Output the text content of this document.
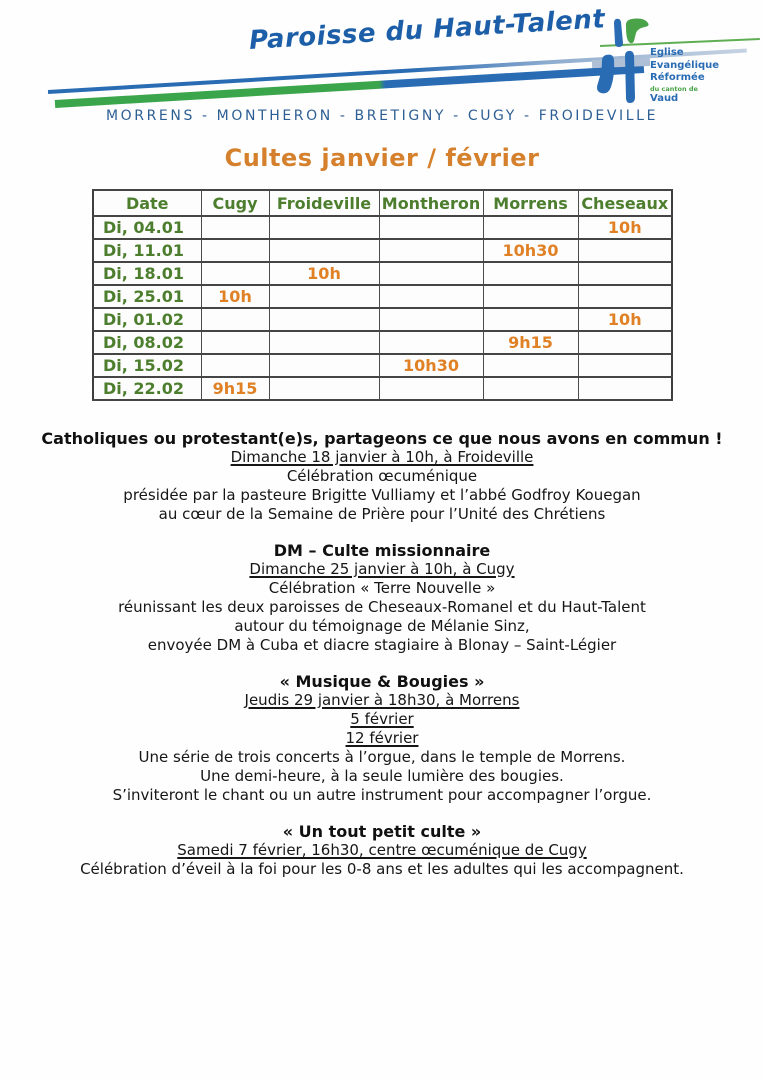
Paroisse du Haut-Talent	Eglise
Evangélique
Réformée
du canton de
Vaud
MORRENS - MONTHERON - BRETIGNY - CUGY - FROIDEVILLE
Cultes janvier / février
Date	Cugy	Froideville	Montheron	Morrens	Cheseaux
Di, 04.01					10h
Di, 11.01				10h30	
Di, 18.01		10h			
Di, 25.01	10h				
Di, 01.02					10h
Di, 08.02				9h15	
Di, 15.02			10h30		
Di, 22.02	9h15				
Catholiques ou protestant(e)s, partageons ce que nous avons en commun !
Dimanche 18 janvier à 10h, à Froideville
Célébration œcuménique
présidée par la pasteure Brigitte Vulliamy et l’abbé Godfroy Kouegan
au cœur de la Semaine de Prière pour l’Unité des Chrétiens
DM – Culte missionnaire
Dimanche 25 janvier à 10h, à Cugy
Célébration « Terre Nouvelle »
réunissant les deux paroisses de Cheseaux-Romanel et du Haut-Talent
autour du témoignage de Mélanie Sinz,
envoyée DM à Cuba et diacre stagiaire à Blonay – Saint-Légier
« Musique & Bougies »
Jeudis 29 janvier à 18h30, à Morrens
5 février
12 février
Une série de trois concerts à l’orgue, dans le temple de Morrens.
Une demi-heure, à la seule lumière des bougies.
S’inviteront le chant ou un autre instrument pour accompagner l’orgue.
« Un tout petit culte »
Samedi 7 février, 16h30, centre œcuménique de Cugy
Célébration d’éveil à la foi pour les 0-8 ans et les adultes qui les accompagnent.
